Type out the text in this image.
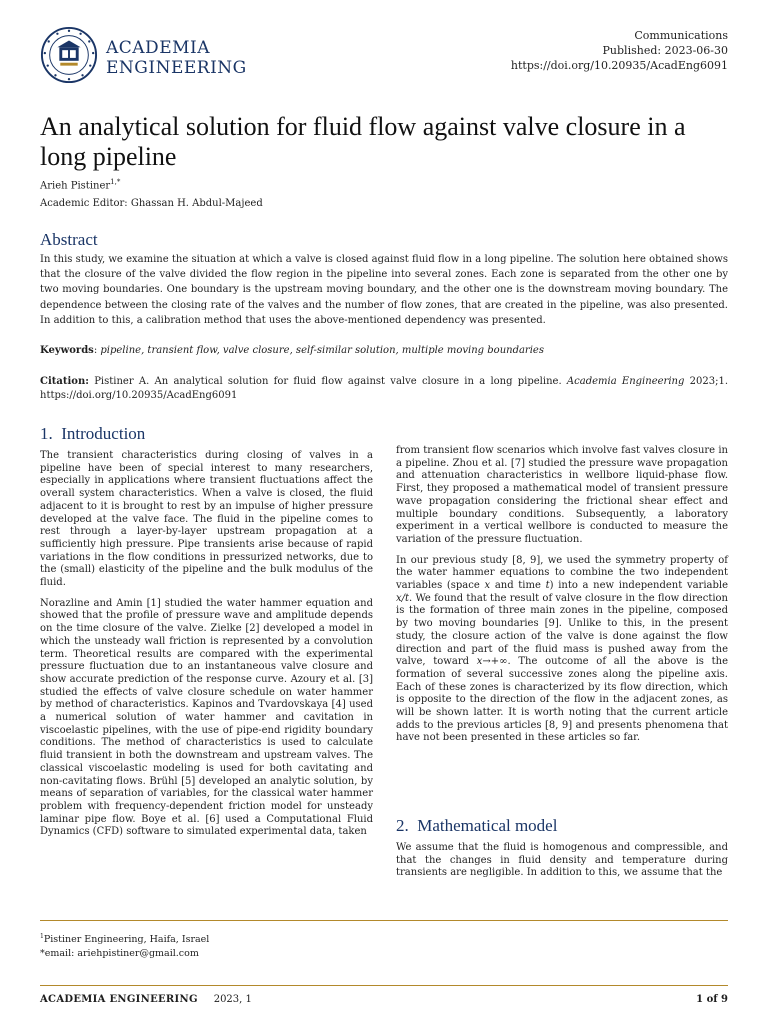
ACADEMIA
ENGINEERING
Communications
Published: 2023-06-30
https://doi.org/10.20935/AcadEng6091
An analytical solution for fluid flow against valve closure in a long pipeline
Arieh Pistiner$^{1,*}$
Academic Editor: Ghassan H. Abdul-Majeed
Abstract

In this study, we examine the situation at which a valve is closed against fluid flow in a long pipeline. The solution here obtained shows that the closure of the valve divided the flow region in the pipeline into several zones. Each zone is separated from the other one by two moving boundaries. One boundary is the upstream moving boundary, and the other one is the downstream moving boundary. The dependence between the closing rate of the valves and the number of flow zones, that are created in the pipeline, was also presented. In addition to this, a calibration method that uses the above-mentioned dependency was presented.

Keywords: pipeline, transient flow, valve closure, self-similar solution, multiple moving boundaries

Citation: Pistiner A. An analytical solution for fluid flow against valve closure in a long pipeline. Academia Engineering 2023;1. https://doi.org/10.20935/AcadEng6091

1. Introduction

The transient characteristics during closing of valves in a pipeline have been of special interest to many researchers, especially in applications where transient fluctuations affect the overall system characteristics. When a valve is closed, the fluid adjacent to it is brought to rest by an impulse of higher pressure developed at the valve face. The fluid in the pipeline comes to rest through a layer-by-layer upstream propagation at a sufficiently high pressure. Pipe transients arise because of rapid variations in the flow conditions in pressurized networks, due to the (small) elasticity of the pipeline and the bulk modulus of the fluid.

Norazline and Amin [1] studied the water hammer equation and showed that the profile of pressure wave and amplitude depends on the time closure of the valve. Zielke [2] developed a model in which the unsteady wall friction is represented by a convolution term. Theoretical results are compared with the experimental pressure fluctuation due to an instantaneous valve closure and show accurate prediction of the response curve. Azoury et al. [3] studied the effects of valve closure schedule on water hammer by method of characteristics. Kapinos and Tvardovskaya [4] used a numerical solution of water hammer and cavitation in viscoelastic pipelines, with the use of pipe-end rigidity boundary conditions. The method of characteristics is used to calculate fluid transient in both the downstream and upstream valves. The classical viscoelastic modeling is used for both cavitating and non-cavitating flows. Brühl [5] developed an analytic solution, by means of separation of variables, for the classical water hammer problem with frequency-dependent friction model for unsteady laminar pipe flow. Boye et al. [6] used a Computational Fluid Dynamics (CFD) software to simulated experimental data, taken

from transient flow scenarios which involve fast valves closure in a pipeline. Zhou et al. [7] studied the pressure wave propagation and attenuation characteristics in wellbore liquid-phase flow. First, they proposed a mathematical model of transient pressure wave propagation considering the frictional shear effect and multiple boundary conditions. Subsequently, a laboratory experiment in a vertical wellbore is conducted to measure the variation of the pressure fluctuation.

In our previous study [8, 9], we used the symmetry property of the water hammer equations to combine the two independent variables (space x and time t) into a new independent variable x/t. We found that the result of valve closure in the flow direction is the formation of three main zones in the pipeline, composed by two moving boundaries [9]. Unlike to this, in the present study, the closure action of the valve is done against the flow direction and part of the fluid mass is pushed away from the valve, toward x→+∞. The outcome of all the above is the formation of several successive zones along the pipeline axis. Each of these zones is characterized by its flow direction, which is opposite to the direction of the flow in the adjacent zones, as will be shown latter. It is worth noting that the current article adds to the previous articles [8, 9] and presents phenomena that have not been presented in these articles so far.

2. Mathematical model

We assume that the fluid is homogenous and compressible, and that the changes in fluid density and temperature during transients are negligible. In addition to this, we assume that the

$^1$Pistiner Engineering, Haifa, Israel
*email: ariehpistiner@gmail.com
ACADEMIA ENGINEERING 2023, 1	1 of 9
